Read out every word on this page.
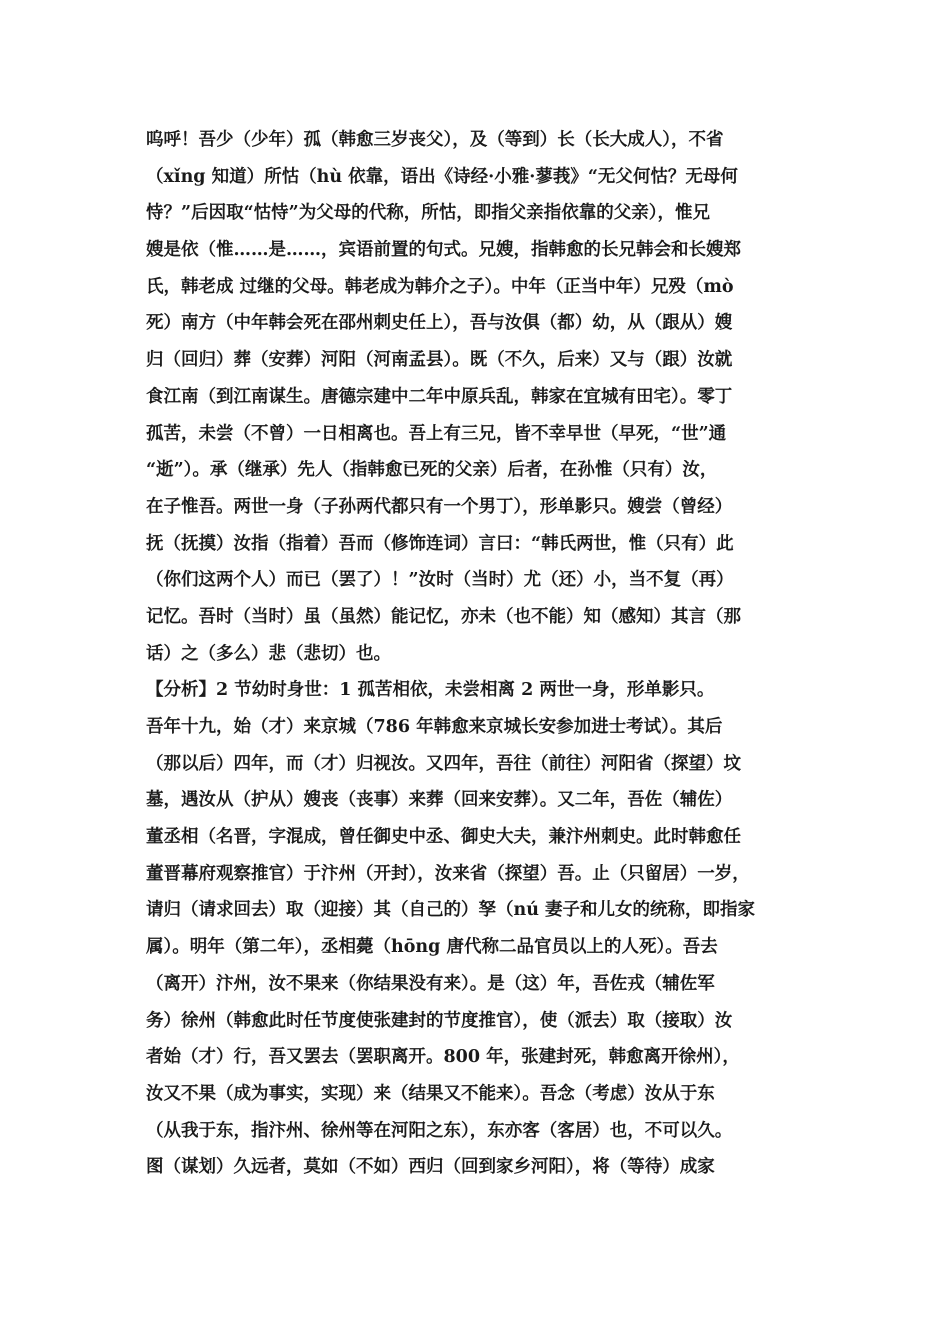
呜呼！吾少（少年）孤（韩愈三岁丧父），及（等到）长（长大成人），不省
（xǐng 知道）所怙（hù 依靠，语出《诗经·小雅·蓼莪》“无父何怙？无母何
恃？”后因取“怙恃”为父母的代称，所怙，即指父亲指依靠的父亲），惟兄
嫂是依（惟……是……，宾语前置的句式。兄嫂，指韩愈的长兄韩会和长嫂郑
氏，韩老成 过继的父母。韩老成为韩介之子）。中年（正当中年）兄殁（mò
死）南方（中年韩会死在邵州刺史任上），吾与汝俱（都）幼，从（跟从）嫂
归（回归）葬（安葬）河阳（河南孟县）。既（不久，后来）又与（跟）汝就
食江南（到江南谋生。唐德宗建中二年中原兵乱，韩家在宜城有田宅）。零丁
孤苦，未尝（不曾）一日相离也。吾上有三兄，皆不幸早世（早死，“世”通
“逝”）。承（继承）先人（指韩愈已死的父亲）后者，在孙惟（只有）汝，
在子惟吾。两世一身（子孙两代都只有一个男丁），形单影只。嫂尝（曾经）
抚（抚摸）汝指（指着）吾而（修饰连词）言曰：“韩氏两世，惟（只有）此
（你们这两个人）而已（罢了）！”汝时（当时）尤（还）小，当不复（再）
记忆。吾时（当时）虽（虽然）能记忆，亦未（也不能）知（感知）其言（那
话）之（多么）悲（悲切）也。
【分析】2 节幼时身世：1 孤苦相依，未尝相离 2 两世一身，形单影只。
吾年十九，始（才）来京城（786 年韩愈来京城长安参加进士考试）。其后
（那以后）四年，而（才）归视汝。又四年，吾往（前往）河阳省（探望）坟
墓，遇汝从（护从）嫂丧（丧事）来葬（回来安葬）。又二年，吾佐（辅佐）
董丞相（名晋，字混成，曾任御史中丞、御史大夫，兼汴州刺史。此时韩愈任
董晋幕府观察推官）于汴州（开封），汝来省（探望）吾。止（只留居）一岁，
请归（请求回去）取（迎接）其（自己的）孥（nú 妻子和儿女的统称，即指家
属）。明年（第二年），丞相薨（hōng 唐代称二品官员以上的人死）。吾去
（离开）汴州，汝不果来（你结果没有来）。是（这）年，吾佐戎（辅佐军
务）徐州（韩愈此时任节度使张建封的节度推官），使（派去）取（接取）汝
者始（才）行，吾又罢去（罢职离开。800 年，张建封死，韩愈离开徐州），
汝又不果（成为事实，实现）来（结果又不能来）。吾念（考虑）汝从于东
（从我于东，指汴州、徐州等在河阳之东），东亦客（客居）也，不可以久。
图（谋划）久远者，莫如（不如）西归（回到家乡河阳），将（等待）成家
